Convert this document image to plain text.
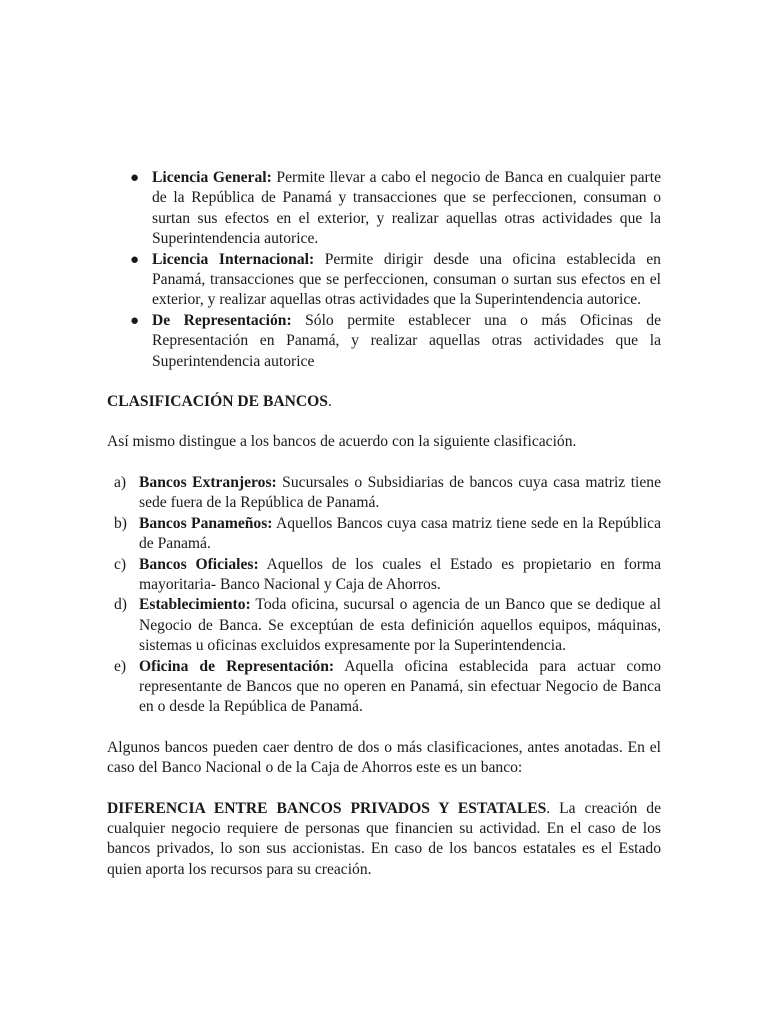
● Licencia General: Permite llevar a cabo el negocio de Banca en cualquier parte de la República de Panamá y transacciones que se perfeccionen, consuman o surtan sus efectos en el exterior, y realizar aquellas otras actividades que la Superintendencia autorice.
● Licencia Internacional: Permite dirigir desde una oficina establecida en Panamá, transacciones que se perfeccionen, consuman o surtan sus efectos en el exterior, y realizar aquellas otras actividades que la Superintendencia autorice.
● De Representación: Sólo permite establecer una o más Oficinas de Representación en Panamá, y realizar aquellas otras actividades que la Superintendencia autorice
CLASIFICACIÓN DE BANCOS.
Así mismo distingue a los bancos de acuerdo con la siguiente clasificación.
a) Bancos Extranjeros: Sucursales o Subsidiarias de bancos cuya casa matriz tiene sede fuera de la República de Panamá.
b) Bancos Panameños: Aquellos Bancos cuya casa matriz tiene sede en la República de Panamá.
c) Bancos Oficiales: Aquellos de los cuales el Estado es propietario en forma mayoritaria- Banco Nacional y Caja de Ahorros.
d) Establecimiento: Toda oficina, sucursal o agencia de un Banco que se dedique al Negocio de Banca. Se exceptúan de esta definición aquellos equipos, máquinas, sistemas u oficinas excluidos expresamente por la Superintendencia.
e) Oficina de Representación: Aquella oficina establecida para actuar como representante de Bancos que no operen en Panamá, sin efectuar Negocio de Banca en o desde la República de Panamá.
Algunos bancos pueden caer dentro de dos o más clasificaciones, antes anotadas. En el caso del Banco Nacional o de la Caja de Ahorros este es un banco:
DIFERENCIA ENTRE BANCOS PRIVADOS Y ESTATALES. La creación de cualquier negocio requiere de personas que financien su actividad. En el caso de los bancos privados, lo son sus accionistas. En caso de los bancos estatales es el Estado quien aporta los recursos para su creación.
